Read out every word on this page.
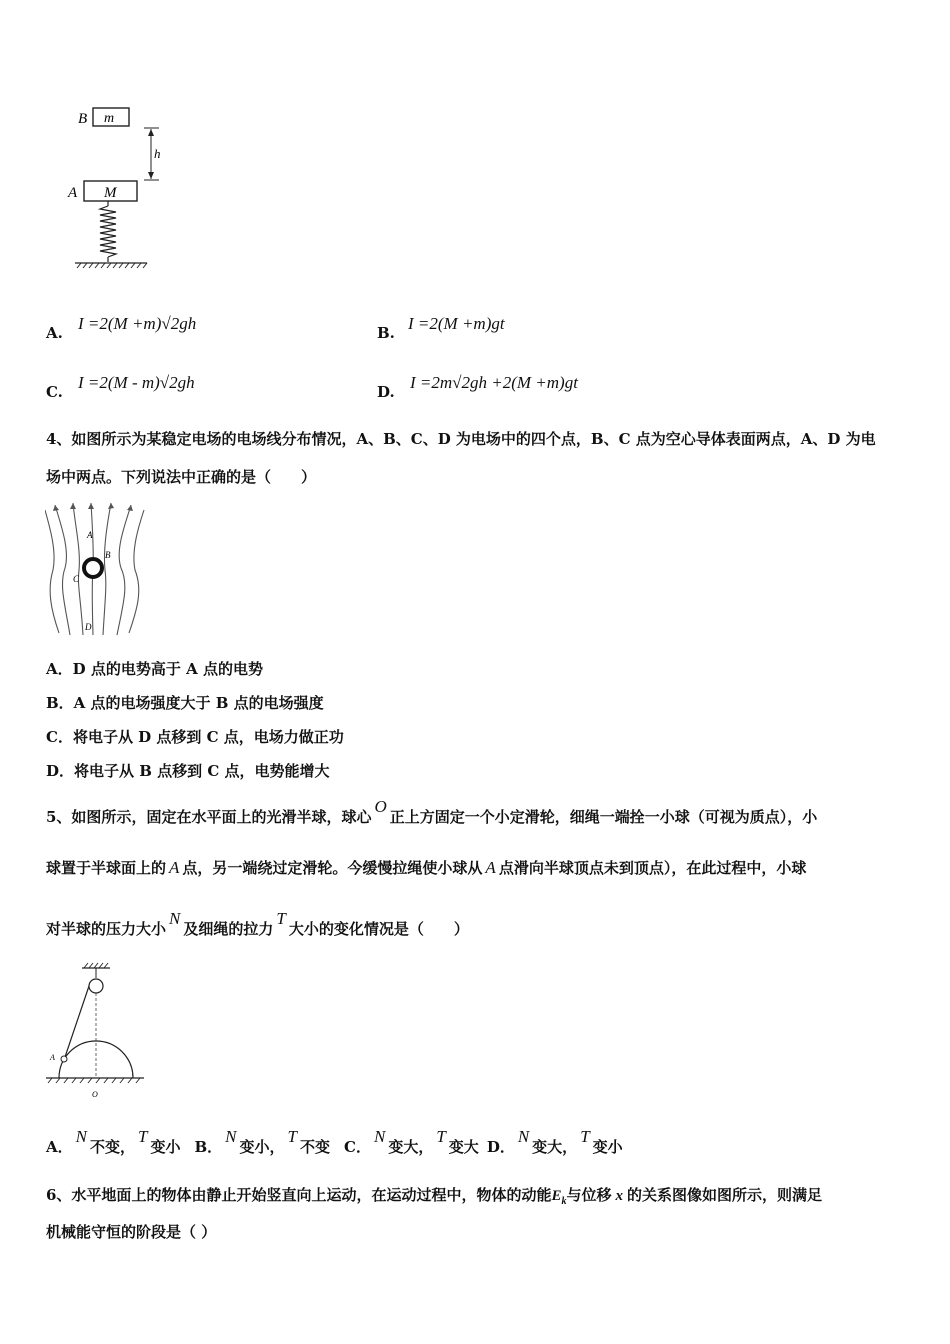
m
B
h
M
A
A. I =2(M +m)√2gh	B. I =2(M +m)gt
C. I =2(M - m)√2gh	D. I =2m√2gh +2(M +m)gt
4、如图所示为某稳定电场的电场线分布情况，A、B、C、D 为电场中的四个点，B、C 点为空心导体表面两点，A、D 为电
场中两点。下列说法中正确的是（　　）
A
B
C
D
A．D 点的电势高于 A 点的电势
B．A 点的电场强度大于 B 点的电场强度
C．将电子从 D 点移到 C 点，电场力做正功
D．将电子从 B 点移到 C 点，电势能增大
5、如图所示，固定在水平面上的光滑半球，球心O正上方固定一个小定滑轮，细绳一端拴一小球（可视为质点），小
球置于半球面上的 A 点，另一端绕过定滑轮。今缓慢拉绳使小球从 A 点滑向半球顶点未到顶点），在此过程中，小球
对半球的压力大小N及细绳的拉力T大小的变化情况是（　　）
A
O
A．N不变，T变小 B．N变小，T不变 C．N变大，T变大 D．N变大，T变小
6、水平地面上的物体由静止开始竖直向上运动，在运动过程中，物体的动能$E_k$与位移 x 的关系图像如图所示，则满足
机械能守恒的阶段是（ ）
